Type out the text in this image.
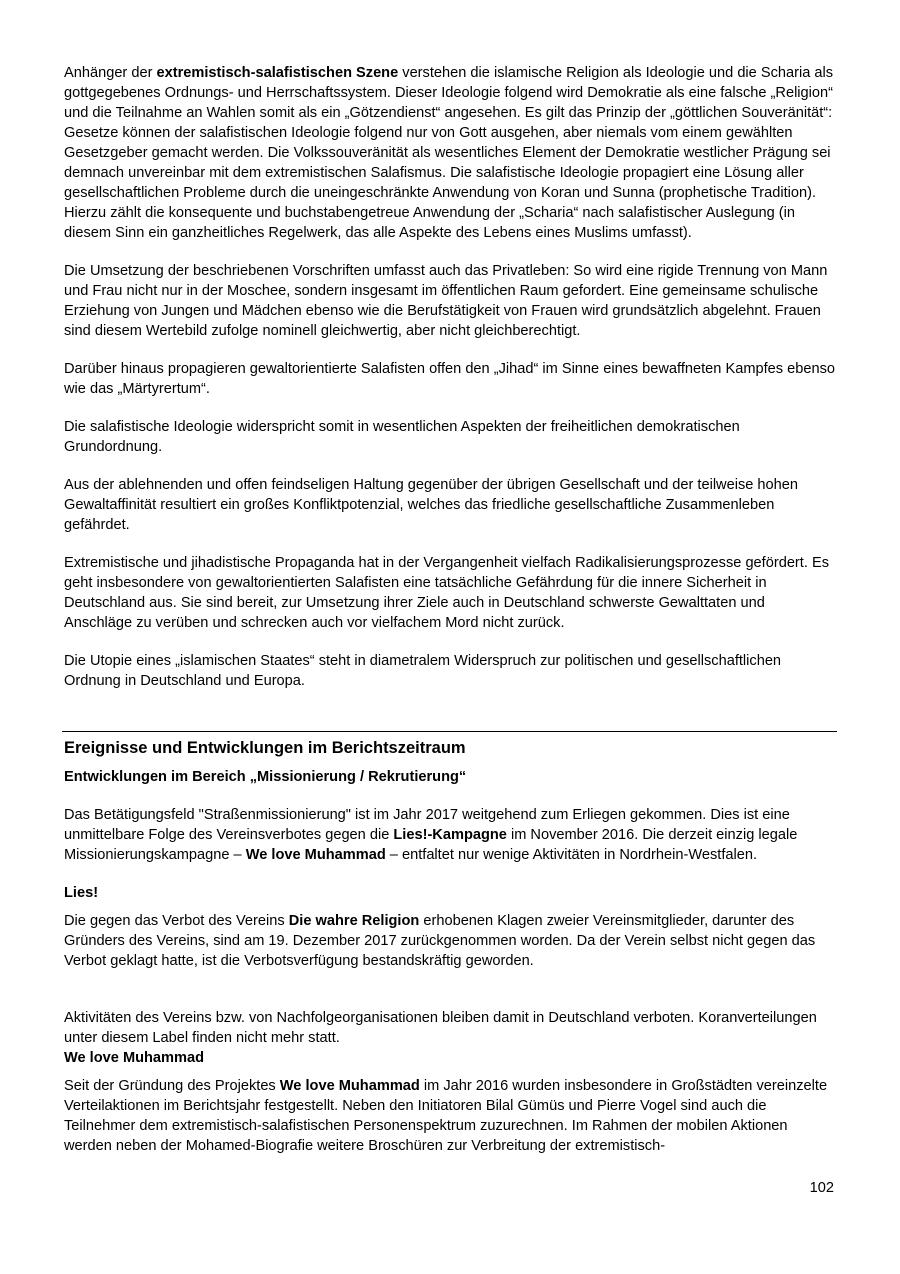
Anhänger der extremistisch-salafistischen Szene verstehen die islamische Religion als Ideologie und die Scharia als gottgegebenes Ordnungs- und Herrschaftssystem. Dieser Ideologie folgend wird Demokratie als eine falsche „Religion“ und die Teilnahme an Wahlen somit als ein „Götzendienst“ angesehen. Es gilt das Prinzip der „göttlichen Souveränität“: Gesetze können der salafistischen Ideologie folgend nur von Gott ausgehen, aber niemals vom einem gewählten Gesetzgeber gemacht werden. Die Volkssouveränität als wesentliches Element der Demokratie westlicher Prägung sei demnach unvereinbar mit dem extremistischen Salafismus. Die salafistische Ideologie propagiert eine Lösung aller gesellschaftlichen Probleme durch die uneingeschränkte Anwendung von Koran und Sunna (prophetische Tradition). Hierzu zählt die konsequente und buchstabengetreue Anwendung der „Scharia“ nach salafistischer Auslegung (in diesem Sinn ein ganzheitliches Regelwerk, das alle Aspekte des Lebens eines Muslims umfasst).

Die Umsetzung der beschriebenen Vorschriften umfasst auch das Privatleben: So wird eine rigide Trennung von Mann und Frau nicht nur in der Moschee, sondern insgesamt im öffentlichen Raum gefordert. Eine gemeinsame schulische Erziehung von Jungen und Mädchen ebenso wie die Berufstätigkeit von Frauen wird grundsätzlich abgelehnt. Frauen sind diesem Wertebild zufolge nominell gleichwertig, aber nicht gleichberechtigt.

Darüber hinaus propagieren gewaltorientierte Salafisten offen den „Jihad“ im Sinne eines bewaffneten Kampfes ebenso wie das „Märtyrertum“.

Die salafistische Ideologie widerspricht somit in wesentlichen Aspekten der freiheitlichen demokratischen Grundordnung.

Aus der ablehnenden und offen feindseligen Haltung gegenüber der übrigen Gesellschaft und der teilweise hohen Gewaltaffinität resultiert ein großes Konfliktpotenzial, welches das friedliche gesellschaftliche Zusammenleben gefährdet.

Extremistische und jihadistische Propaganda hat in der Vergangenheit vielfach Radikalisierungsprozesse gefördert. Es geht insbesondere von gewaltorientierten Salafisten eine tatsächliche Gefährdung für die innere Sicherheit in Deutschland aus. Sie sind bereit, zur Umsetzung ihrer Ziele auch in Deutschland schwerste Gewalttaten und Anschläge zu verüben und schrecken auch vor vielfachem Mord nicht zurück.

Die Utopie eines „islamischen Staates“ steht in diametralem Widerspruch zur politischen und gesellschaftlichen Ordnung in Deutschland und Europa.

Ereignisse und Entwicklungen im Berichtszeitraum
Entwicklungen im Bereich „Missionierung / Rekrutierung“

Das Betätigungsfeld "Straßenmissionierung" ist im Jahr 2017 weitgehend zum Erliegen gekommen. Dies ist eine unmittelbare Folge des Vereinsverbotes gegen die Lies!-Kampagne im November 2016. Die derzeit einzig legale Missionierungskampagne – We love Muhammad – entfaltet nur wenige Aktivitäten in Nordrhein-Westfalen.

Lies!

Die gegen das Verbot des Vereins Die wahre Religion erhobenen Klagen zweier Vereinsmitglieder, darunter des Gründers des Vereins, sind am 19. Dezember 2017 zurückgenommen worden. Da der Verein selbst nicht gegen das Verbot geklagt hatte, ist die Verbotsverfügung bestandskräftig geworden.

Aktivitäten des Vereins bzw. von Nachfolgeorganisationen bleiben damit in Deutschland verboten. Koranverteilungen unter diesem Label finden nicht mehr statt.

We love Muhammad

Seit der Gründung des Projektes We love Muhammad im Jahr 2016 wurden insbesondere in Großstädten vereinzelte Verteilaktionen im Berichtsjahr festgestellt. Neben den Initiatoren Bilal Gümüs und Pierre Vogel sind auch die Teilnehmer dem extremistisch-salafistischen Personenspektrum zuzurechnen. Im Rahmen der mobilen Aktionen werden neben der Mohamed-Biografie weitere Broschüren zur Verbreitung der extremistisch-

102
